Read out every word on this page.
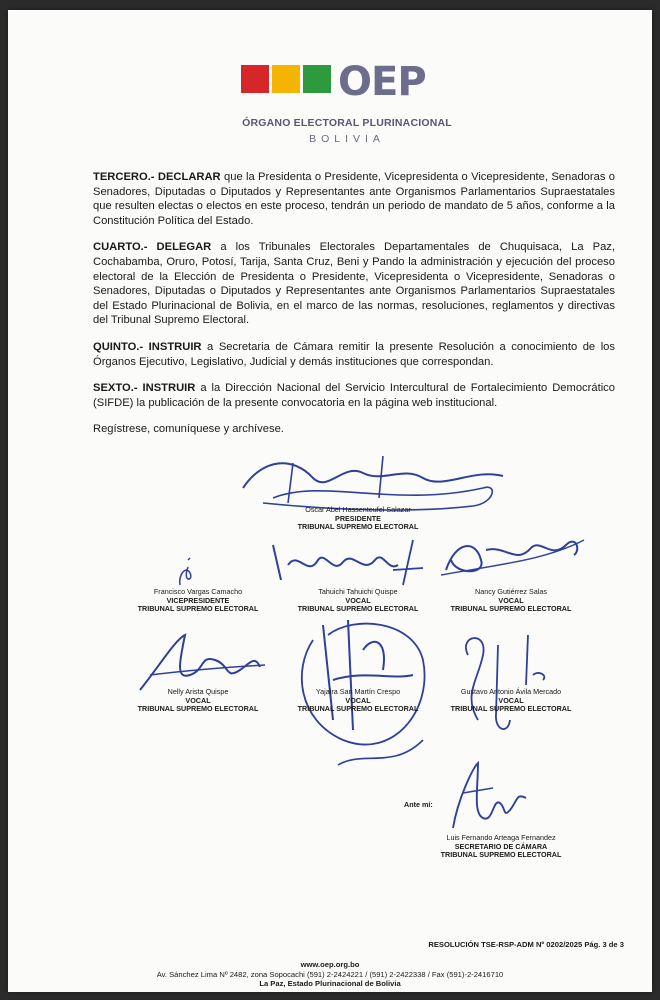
OEP
ÓRGANO ELECTORAL PLURINACIONAL
BOLIVIA

TERCERO.- DECLARAR que la Presidenta o Presidente, Vicepresidenta o Vicepresidente, Senadoras o Senadores, Diputadas o Diputados y Representantes ante Organismos Parlamentarios Supraestatales que resulten electas o electos en este proceso, tendrán un periodo de mandato de 5 años, conforme a la Constitución Política del Estado.

CUARTO.- DELEGAR a los Tribunales Electorales Departamentales de Chuquisaca, La Paz, Cochabamba, Oruro, Potosí, Tarija, Santa Cruz, Beni y Pando la administración y ejecución del proceso electoral de la Elección de Presidenta o Presidente, Vicepresidenta o Vicepresidente, Senadoras o Senadores, Diputadas o Diputados y Representantes ante Organismos Parlamentarios Supraestatales del Estado Plurinacional de Bolivia, en el marco de las normas, resoluciones, reglamentos y directivas del Tribunal Supremo Electoral.

QUINTO.- INSTRUIR a Secretaria de Cámara remitir la presente Resolución a conocimiento de los Órganos Ejecutivo, Legislativo, Judicial y demás instituciones que correspondan.

SEXTO.- INSTRUIR a la Dirección Nacional del Servicio Intercultural de Fortalecimiento Democrático (SIFDE) la publicación de la presente convocatoria en la página web institucional.

Regístrese, comuníquese y archívese.

Oscar Abel Hassenteufel Salazar
PRESIDENTE
TRIBUNAL SUPREMO ELECTORAL
Francisco Vargas Camacho
VICEPRESIDENTE
TRIBUNAL SUPREMO ELECTORAL
Tahuichi Tahuichi Quispe
VOCAL
TRIBUNAL SUPREMO ELECTORAL
Nancy Gutiérrez Salas
VOCAL
TRIBUNAL SUPREMO ELECTORAL
Nelly Arista Quispe
VOCAL
TRIBUNAL SUPREMO ELECTORAL
Yajaira San Martín Crespo
VOCAL
TRIBUNAL SUPREMO ELECTORAL
Gustavo Antonio Ávila Mercado
VOCAL
TRIBUNAL SUPREMO ELECTORAL
Ante mí:
Luis Fernando Arteaga Fernandez
SECRETARIO DE CÁMARA
TRIBUNAL SUPREMO ELECTORAL
RESOLUCIÓN TSE-RSP-ADM Nº 0202/2025 Pág. 3 de 3
www.oep.org.bo
Av. Sánchez Lima Nº 2482, zona Sopocachi (591) 2-2424221 / (591) 2-2422338 / Fax (591)-2-2416710
La Paz, Estado Plurinacional de Bolivia
